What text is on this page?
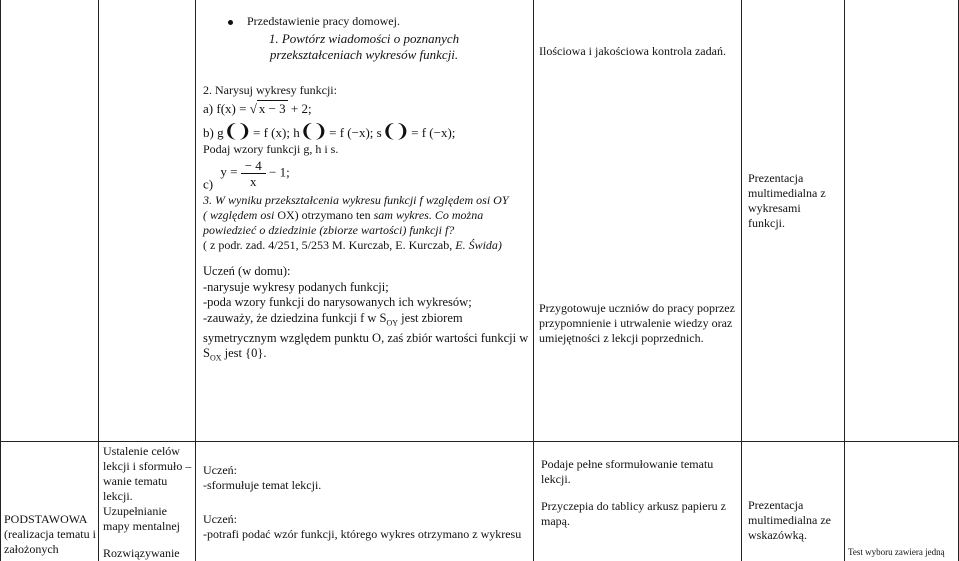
Przedstawienie pracy domowej.
1. Powtórz wiadomości o poznanych przekształceniach wykresów funkcji.
2. Narysuj wykresy funkcji:
a) f(x) = √ x − 3 + 2;
b) g❨❩ = f (x); h❨❩ = f (−x); s❨❩ = f (−x);
Podaj wzory funkcji g, h i s.
c) $y = \frac{- 4}{x} - 1$;
3. W wyniku przekształcenia wykresu funkcji f względem osi OY
( względem osi OX) otrzymano ten sam wykres. Co można
powiedzieć o dziedzinie (zbiorze wartości) funkcji f?
( z podr. zad. 4/251, 5/253 M. Kurczab, E. Kurczab, E. Świda)
Uczeń (w domu):
-narysuje wykresy podanych funkcji;
-poda wzory funkcji do narysowanych ich wykresów;
-zauważy, że dziedzina funkcji f w $S_{OY}$ jest zbiorem
symetrycznym względem punktu O, zaś zbiór wartości funkcji w
$S_{OX}$ jest {0}.
Ilościowa i jakościowa kontrola zadań.
Przygotowuje uczniów do pracy poprzez przypomnienie i utrwalenie wiedzy oraz umiejętności z lekcji poprzednich.
Prezentacja multimedialna z wykresami funkcji.
PODSTAWOWA (realizacja tematu i założonych
Ustalenie celów lekcji i sformuło – wanie tematu lekcji.
Uzupełnianie mapy mentalnej
Rozwiązywanie
Uczeń:
-sformułuje temat lekcji.
Uczeń:
-potrafi podać wzór funkcji, którego wykres otrzymano z wykresu
Podaje pełne sformułowanie tematu lekcji.
Przyczepia do tablicy arkusz papieru z mapą.
Prezentacja multimedialna ze wskazówką.
Test wyboru zawiera jedną
